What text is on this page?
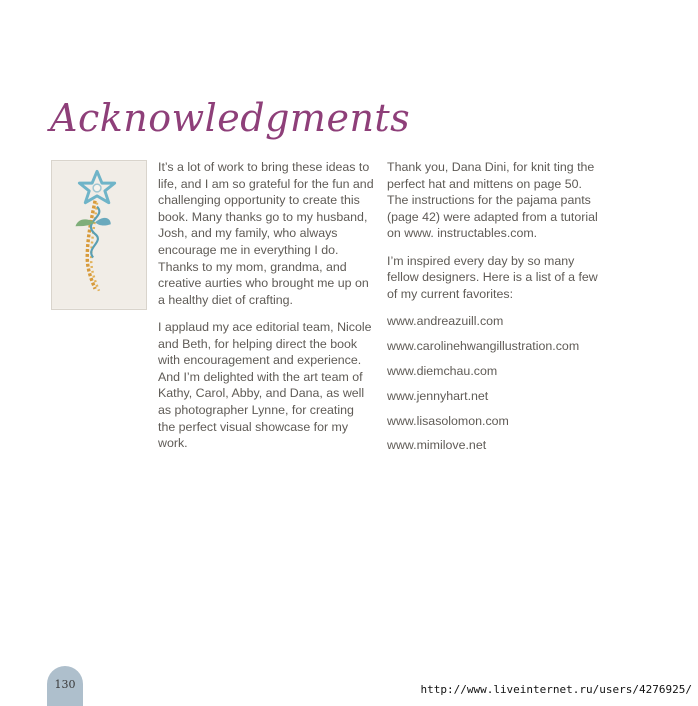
Acknowledgments

It’s a lot of work to bring these ideas to life, and I am so grateful for the fun and challenging opportunity to create this book. Many thanks go to my husband, Josh, and my family, who always encourage me in everything I do. Thanks to my mom, grandma, and creative aurties who brought me up on a healthy diet of crafting.

I applaud my ace editorial team, Nicole and Beth, for helping direct the book with encouragement and experience. And I’m delighted with the art team of Kathy, Carol, Abby, and Dana, as well as photographer Lynne, for creating the perfect visual showcase for my work.

Thank you, Dana Dini, for knit ting the perfect hat and mittens on page 50. The instructions for the pajama pants (page 42) were adapted from a tutorial on www. instructables.com.

I’m inspired every day by so many fellow designers. Here is a list of a few of my current favorites:

www.andreazuill.com
www.carolinehwangillustration.com
www.diemchau.com
www.jennyhart.net
www.lisasolomon.com
www.mimilove.net
130	http://www.liveinternet.ru/users/4276925/
